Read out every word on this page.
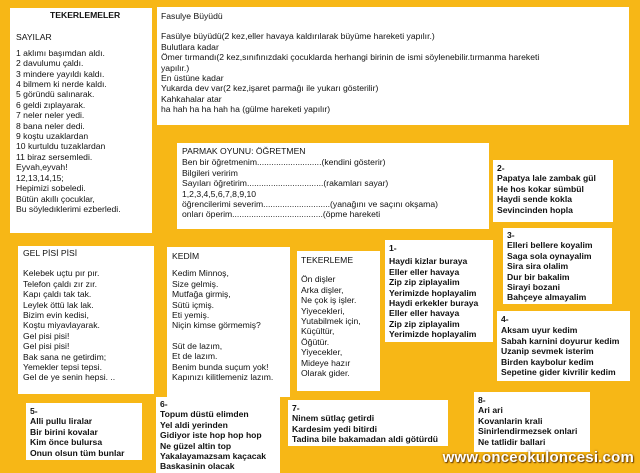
TEKERLEMELER
SAYILAR
1 aklımı başımdan aldı.
2 davulumu çaldı.
3 mindere yayıldı kaldı.
4 bilmem ki nerde kaldı.
5 göründü salınarak.
6 geldi zıplayarak.
7 neler neler yedi.
8 bana neler dedi.
9 koştu uzaklardan
10 kurtuldu tuzaklardan
11 biraz sersemledi.
Eyvah,eyvah!
12,13,14,15;
Hepimizi sobeledi.
Bütün akıllı çocuklar,
Bu söyledıklerimi ezberledi.
Fasulye Büyüdü
Fasülye büyüdü(2 kez,eller havaya kaldırılarak büyüme hareketi yapılır.)
Bulutlara kadar
Ömer tırmandı(2 kez,sınıfınızdaki çocuklarda herhangi birinin de ismi söylenebilir.tırmanma hareketi
yapılır.)
En üstüne kadar
Yukarda dev var(2 kez,işaret parmağı ile yukarı gösterilir)
Kahkahalar atar
ha hah ha ha hah ha (gülme hareketi yapılır)
PARMAK OYUNU: ÖĞRETMEN
Ben bir öğretmenim...........................(kendini gösterir)
Bilgileri veririm
Sayıları öğretirim................................(rakamları sayar)
1,2,3,4,5,6,7,8,9,10
öğrencilerimi severim............................(yanağını ve saçını okşama)
onları öperim......................................(öpme hareketi
2-
Papatya lale zambak gül
He hos kokar sümbül
Haydi sende kokla
Sevincinden hopla
3-
Elleri bellere koyalim
Saga sola oynayalim
Sira sira olalim
Dur bir bakalim
Sirayi bozani
Bahçeye almayalim
GEL PİSİ PİSİ
Kelebek uçtu pır pır.
Telefon çaldı zır zır.
Kapı çaldı tak tak.
Leylek öttü lak lak.
Bizim evin kedisi,
Koştu miyavlayarak.
Gel pisi pisi!
Gel pisi pisi!
Bak sana ne getirdim;
Yemekler tepsi tepsi.
Gel de ye senin hepsi. ..
KEDİM
Kedim Minnoş,
Size gelmiş.
Mutfağa girmiş,
Sütü içmiş.
Eti yemiş.
Niçin kimse görmemiş?
Süt de lazım,
Et de lazım.
Benim bunda suçum yok!
Kapınızı kilitlemeniz lazım.
TEKERLEME
Ön dişler
Arka dişler,
Ne çok iş işler.
Yiyecekleri,
Yutabilmek için,
Küçültür,
Öğütür.
Yiyecekler,
Mideye hazır
Olarak gider.
1-
Haydi kizlar buraya
Eller eller havaya
Zip zip ziplayalim
Yerimizde hoplayalim
Haydi erkekler buraya
Eller eller havaya
Zip zip ziplayalim
Yerimizde hoplayalim
4-
Aksam uyur kedim
Sabah karnini doyurur kedim
Uzanip sevmek isterim
Birden kaybolur kedim
Sepetine gider kivrilir kedim
5-
Alli pullu liralar
Bir birini kovalar
Kim önce bulursa
Onun olsun tüm bunlar
6-
Topum düstü elimden
Yel aldi yerinden
Gidiyor iste hop hop hop
Ne güzel altin top
Yakalayamazsam kaçacak
Baskasinin olacak
7-
Ninem sütlaç getirdi
Kardesim yedi bitirdi
Tadina bile bakamadan aldi götürdü
8-
Ari ari
Kovanlarin krali
Sinirlendirmezsek onlari
Ne tatlidir ballari
www.onceokuloncesi.com
